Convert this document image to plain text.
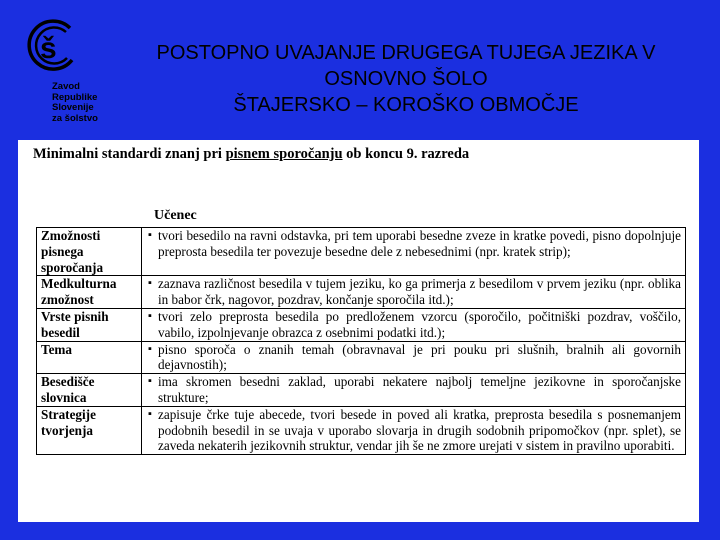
š
Zavod
Republike
Slovenije
za šolstvo
POSTOPNO UVAJANJE DRUGEGA TUJEGA JEZIKA V
OSNOVNO ŠOLO
ŠTAJERSKO – KOROŠKO OBMOČJE
Minimalni standardi znanj pri pisnem sporočanju ob koncu 9. razreda
Učenec
Zmožnosti pisnega sporočanja	▪ tvori besedilo na ravni odstavka, pri tem uporabi besedne zveze in kratke povedi, pisno dopolnjuje preprosta besedila ter povezuje besedne dele z nebesednimi (npr. kratek strip);

Medkulturna zmožnost	▪ zaznava različnost besedila v tujem jeziku, ko ga primerja z besedilom v prvem jeziku (npr. oblika in babor črk, nagovor, pozdrav, končanje sporočila itd.);

Vrste pisnih besedil	▪ tvori zelo preprosta besedila po predloženem vzorcu (sporočilo, počitniški pozdrav, voščilo, vabilo, izpolnjevanje obrazca z osebnimi podatki itd.);

Tema	▪ pisno sporoča o znanih temah (obravnaval je pri pouku pri slušnih, bralnih ali govornih dejavnostih);

Besedišče slovnica	▪ ima skromen besedni zaklad, uporabi nekatere najbolj temeljne jezikovne in sporočanjske strukture;

Strategije tvorjenja	▪ zapisuje črke tuje abecede, tvori besede in poved ali kratka, preprosta besedila s posnemanjem podobnih besedil in se uvaja v uporabo slovarja in drugih sodobnih pripomočkov (npr. splet), se zaveda nekaterih jezikovnih struktur, vendar jih še ne zmore urejati v sistem in pravilno uporabiti.
